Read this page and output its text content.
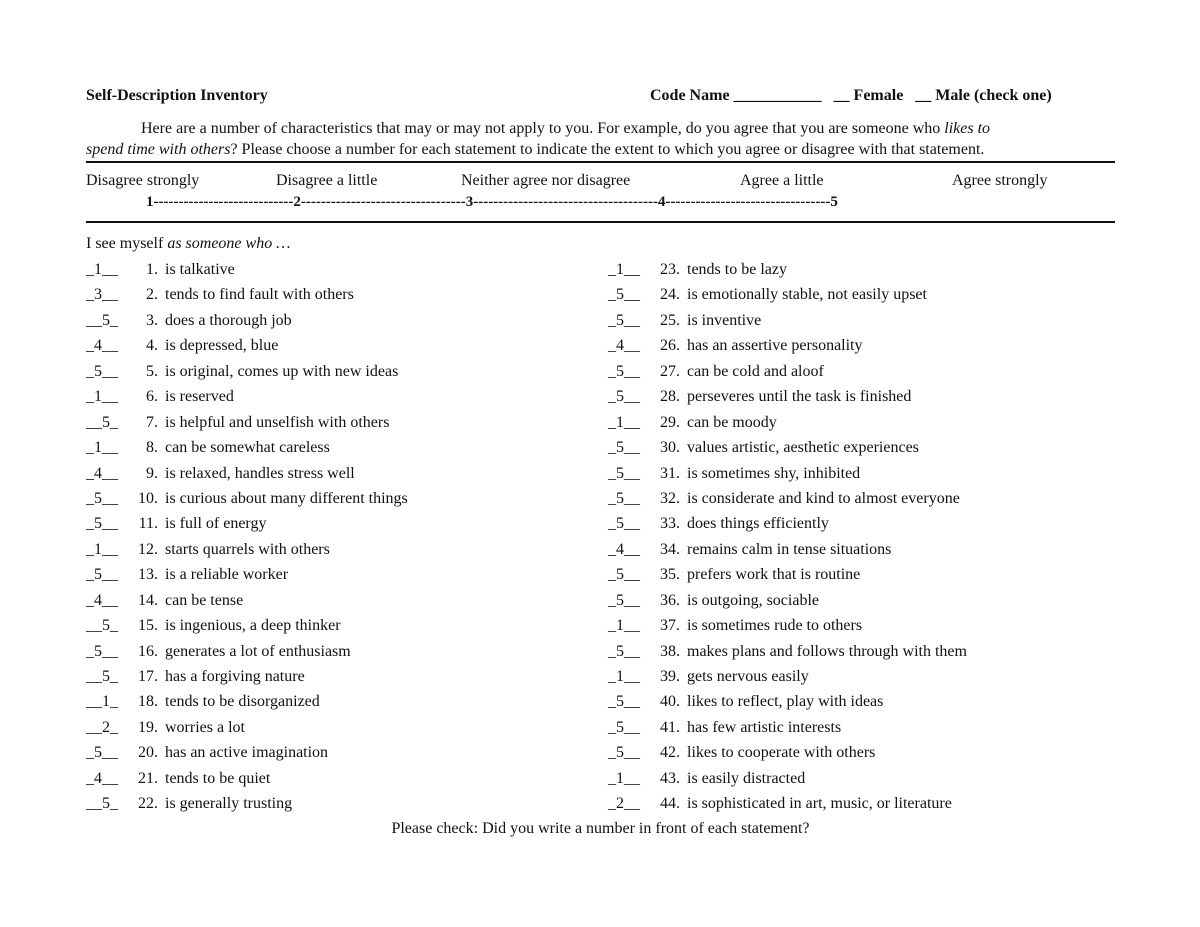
Self-Description Inventory	Code Name ___________   __ Female   __ Male (check one)
Here are a number of characteristics that may or may not apply to you. For example, do you agree that you are someone who likes to
spend time with others? Please choose a number for each statement to indicate the extent to which you agree or disagree with that statement.
Disagree strongly	Disagree a little	Neither agree nor disagree	Agree a little	Agree strongly
1----------------------------2---------------------------------3-------------------------------------4---------------------------------5
I see myself as someone who …
_1__ 1. is talkative
_3__ 2. tends to find fault with others
__5_ 3. does a thorough job
_4__ 4. is depressed, blue
_5__ 5. is original, comes up with new ideas
_1__ 6. is reserved
__5_ 7. is helpful and unselfish with others
_1__ 8. can be somewhat careless
_4__ 9. is relaxed, handles stress well
_5__ 10. is curious about many different things
_5__ 11. is full of energy
_1__ 12. starts quarrels with others
_5__ 13. is a reliable worker
_4__ 14. can be tense
__5_ 15. is ingenious, a deep thinker
_5__ 16. generates a lot of enthusiasm
__5_ 17. has a forgiving nature
__1_ 18. tends to be disorganized
__2_ 19. worries a lot
_5__ 20. has an active imagination
_4__ 21. tends to be quiet
__5_ 22. is generally trusting
_1__ 23. tends to be lazy
_5__ 24. is emotionally stable, not easily upset
_5__ 25. is inventive
_4__ 26. has an assertive personality
_5__ 27. can be cold and aloof
_5__ 28. perseveres until the task is finished
_1__ 29. can be moody
_5__ 30. values artistic, aesthetic experiences
_5__ 31. is sometimes shy, inhibited
_5__ 32. is considerate and kind to almost everyone
_5__ 33. does things efficiently
_4__ 34. remains calm in tense situations
_5__ 35. prefers work that is routine
_5__ 36. is outgoing, sociable
_1__ 37. is sometimes rude to others
_5__ 38. makes plans and follows through with them
_1__ 39. gets nervous easily
_5__ 40. likes to reflect, play with ideas
_5__ 41. has few artistic interests
_5__ 42. likes to cooperate with others
_1__ 43. is easily distracted
_2__ 44. is sophisticated in art, music, or literature
Please check: Did you write a number in front of each statement?
